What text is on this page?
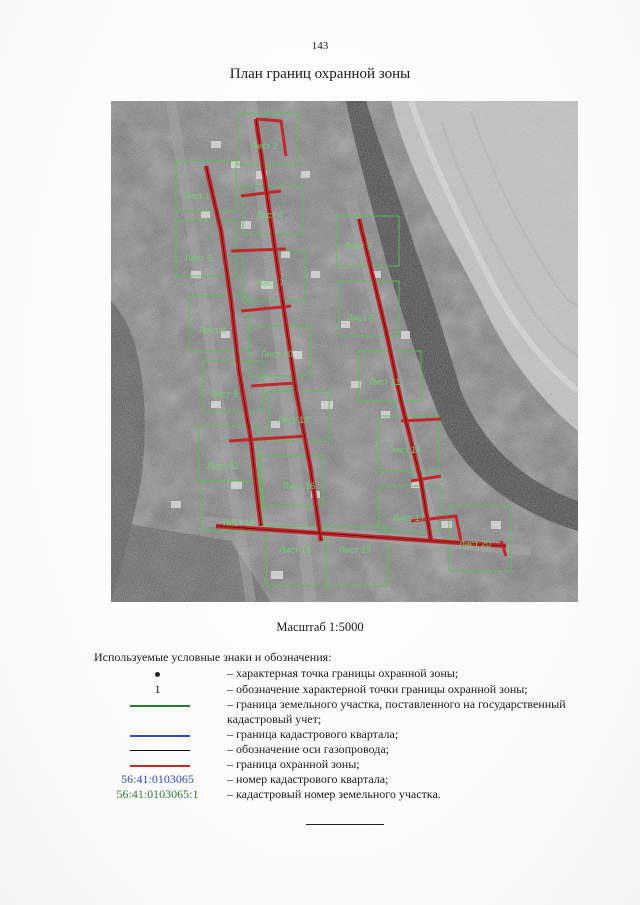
143
План границ охранной зоны
Лист 2
Лист 1
Лист 4
Лист 3
Лист 5
Лист 7
Лист 6
Лист 8
Лист 9
Лист 10
Лист 11
Лист 12
Лист 13
Лист 14
Лист 15
Лист 16
Лист 17
Лист 18	Лист 19
Лист 20
Масштаб 1:5000
Используемые условные знаки и обозначения:
– характерная точка границы охранной зоны;
1	– обозначение характерной точки границы охранной зоны;
– граница земельного участка, поставленного на государственный кадастровый учет;
– граница кадастрового квартала;
– обозначение оси газопровода;
– граница охранной зоны;
56:41:0103065	– номер кадастрового квартала;
56:41:0103065:1	– кадастровый номер земельного участка.
